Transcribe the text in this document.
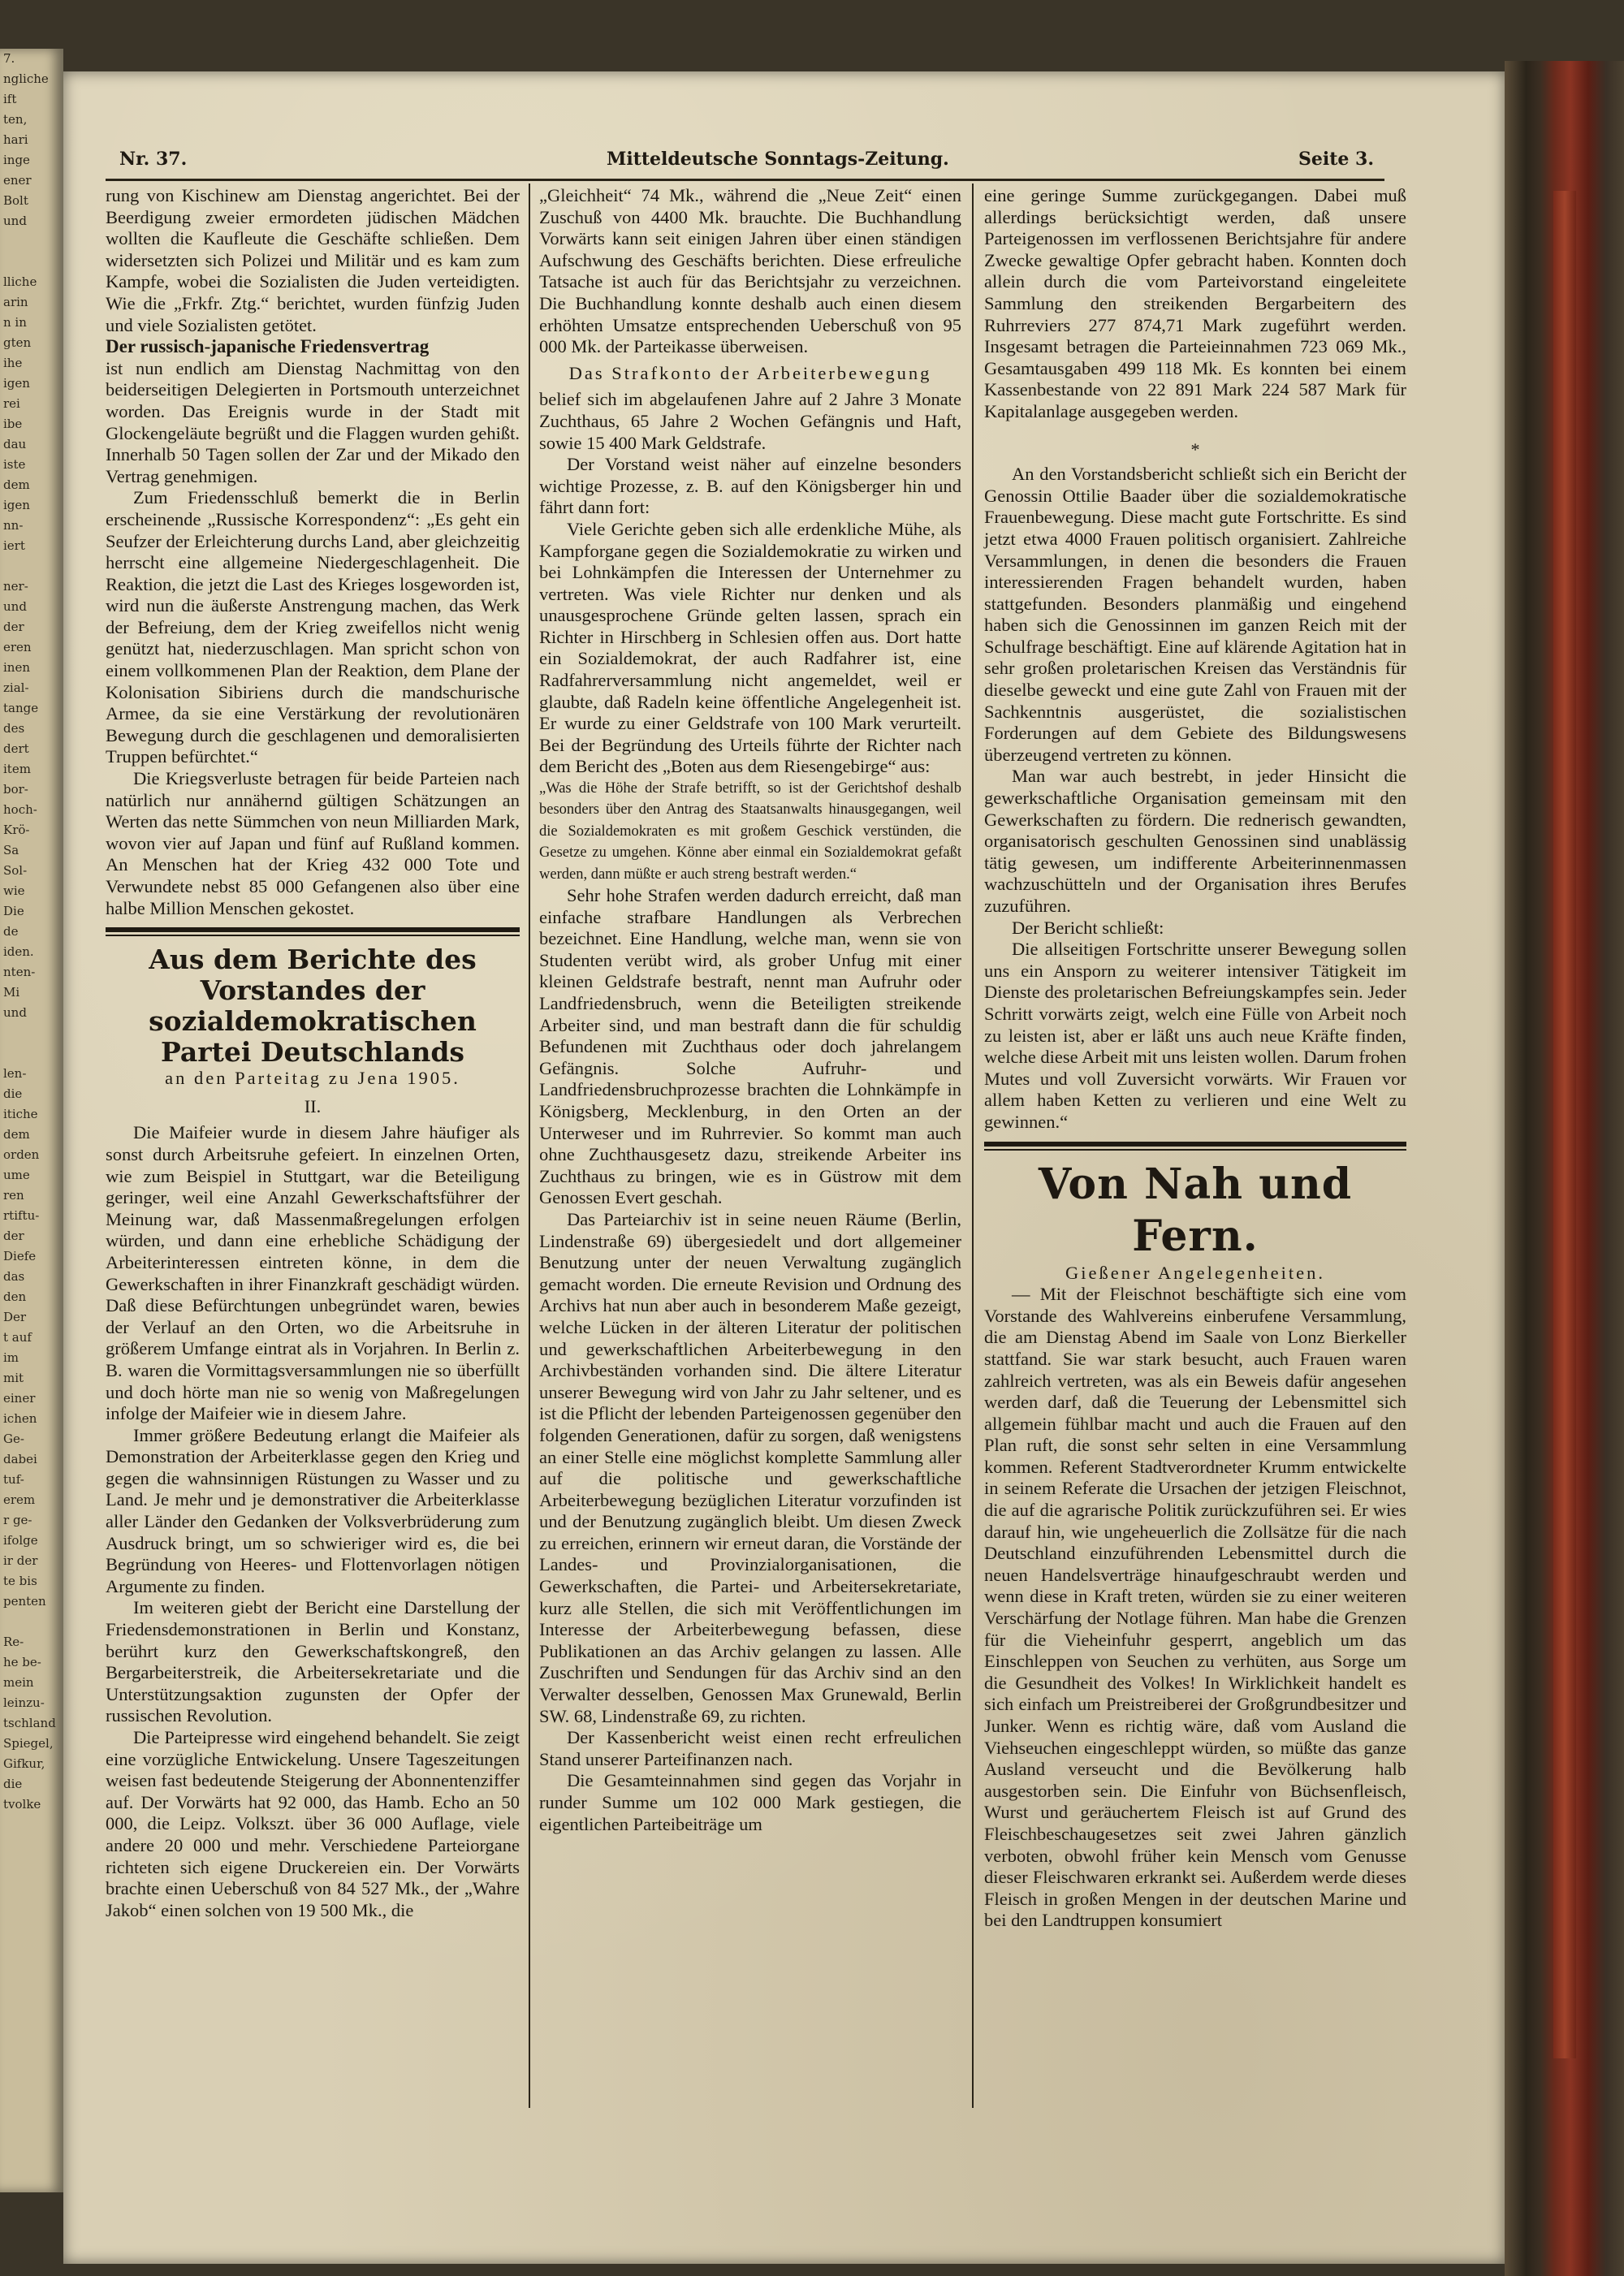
7.
ngliche
ift
ten,
hari
inge
ener
Bolt
und

lliche
arin
n in
gten
ihe
igen
rei
ibe
dau
iste
dem
igen
nn-
iert

ner-
und
der
eren
inen
zial-
tange
des
dert
item
bor-
hoch-
Krö-
Sa
Sol-
wie
Die
de
iden.
nten-
Mi
und

len-
die
itiche
dem
orden
ume
ren
rtiftu-
der
Diefe
das
den
Der
t auf
im
mit
einer
ichen
Ge-
dabei
tuf-
erem
r ge-
ifolge
ir der
te bis
penten

Re-
he be-
mein
leinzu-
tschland
Spiegel,
Gifkur,
die
tvolke
Nr. 37.	Mitteldeutsche Sonntags-Zeitung.	Seite 3.

rung von Kischinew am Dienstag angerichtet. Bei der Beerdigung zweier ermordeten jüdischen Mädchen wollten die Kaufleute die Geschäfte schließen. Dem widersetzten sich Polizei und Militär und es kam zum Kampfe, wobei die Sozialisten die Juden verteidigten. Wie die „Frkfr. Ztg.“ berichtet, wurden fünfzig Juden und viele Sozialisten getötet.

Der russisch-japanische Friedensvertrag

ist nun endlich am Dienstag Nachmittag von den beiderseitigen Delegierten in Portsmouth unterzeichnet worden. Das Ereignis wurde in der Stadt mit Glockengeläute begrüßt und die Flaggen wurden gehißt. Innerhalb 50 Tagen sollen der Zar und der Mikado den Vertrag genehmigen.

Zum Friedensschluß bemerkt die in Berlin erscheinende „Russische Korrespondenz“: „Es geht ein Seufzer der Erleichterung durchs Land, aber gleichzeitig herrscht eine allgemeine Niedergeschlagenheit. Die Reaktion, die jetzt die Last des Krieges losgeworden ist, wird nun die äußerste Anstrengung machen, das Werk der Befreiung, dem der Krieg zweifellos nicht wenig genützt hat, niederzuschlagen. Man spricht schon von einem vollkommenen Plan der Reaktion, dem Plane der Kolonisation Sibiriens durch die mandschurische Armee, da sie eine Verstärkung der revolutionären Bewegung durch die geschlagenen und demoralisierten Truppen befürchtet.“

Die Kriegsverluste betragen für beide Parteien nach natürlich nur annähernd gültigen Schätzungen an Werten das nette Sümmchen von neun Milliarden Mark, wovon vier auf Japan und fünf auf Rußland kommen. An Menschen hat der Krieg 432 000 Tote und Verwundete nebst 85 000 Gefangenen also über eine halbe Million Menschen gekostet.

Aus dem Berichte des Vorstandes der sozialdemokratischen Partei Deutschlands

an den Parteitag zu Jena 1905.

II.

Die Maifeier wurde in diesem Jahre häufiger als sonst durch Arbeitsruhe gefeiert. In einzelnen Orten, wie zum Beispiel in Stuttgart, war die Beteiligung geringer, weil eine Anzahl Gewerkschaftsführer der Meinung war, daß Massenmaßregelungen erfolgen würden, und dann eine erhebliche Schädigung der Arbeiterinteressen eintreten könne, in dem die Gewerkschaften in ihrer Finanzkraft geschädigt würden. Daß diese Befürchtungen unbegründet waren, bewies der Verlauf an den Orten, wo die Arbeitsruhe in größerem Umfange eintrat als in Vorjahren. In Berlin z. B. waren die Vormittagsversammlungen nie so überfüllt und doch hörte man nie so wenig von Maßregelungen infolge der Maifeier wie in diesem Jahre.

Immer größere Bedeutung erlangt die Maifeier als Demonstration der Arbeiterklasse gegen den Krieg und gegen die wahnsinnigen Rüstungen zu Wasser und zu Land. Je mehr und je demonstrativer die Arbeiterklasse aller Länder den Gedanken der Volksverbrüderung zum Ausdruck bringt, um so schwieriger wird es, die bei Begründung von Heeres- und Flottenvorlagen nötigen Argumente zu finden.

Im weiteren giebt der Bericht eine Darstellung der Friedensdemonstrationen in Berlin und Konstanz, berührt kurz den Gewerkschaftskongreß, den Bergarbeiterstreik, die Arbeitersekretariate und die Unterstützungsaktion zugunsten der Opfer der russischen Revolution.

Die Parteipresse wird eingehend behandelt. Sie zeigt eine vorzügliche Entwickelung. Unsere Tageszeitungen weisen fast bedeutende Steigerung der Abonnentenziffer auf. Der Vorwärts hat 92 000, das Hamb. Echo an 50 000, die Leipz. Volkszt. über 36 000 Auflage, viele andere 20 000 und mehr. Verschiedene Parteiorgane richteten sich eigene Druckereien ein. Der Vorwärts brachte einen Ueberschuß von 84 527 Mk., der „Wahre Jakob“ einen solchen von 19 500 Mk., die

„Gleichheit“ 74 Mk., während die „Neue Zeit“ einen Zuschuß von 4400 Mk. brauchte. Die Buchhandlung Vorwärts kann seit einigen Jahren über einen ständigen Aufschwung des Geschäfts berichten. Diese erfreuliche Tatsache ist auch für das Berichtsjahr zu verzeichnen. Die Buchhandlung konnte deshalb auch einen diesem erhöhten Umsatze entsprechenden Ueberschuß von 95 000 Mk. der Parteikasse überweisen.

Das Strafkonto der Arbeiterbewegung

belief sich im abgelaufenen Jahre auf 2 Jahre 3 Monate Zuchthaus, 65 Jahre 2 Wochen Gefängnis und Haft, sowie 15 400 Mark Geldstrafe.

Der Vorstand weist näher auf einzelne besonders wichtige Prozesse, z. B. auf den Königsberger hin und fährt dann fort:

Viele Gerichte geben sich alle erdenkliche Mühe, als Kampforgane gegen die Sozialdemokratie zu wirken und bei Lohnkämpfen die Interessen der Unternehmer zu vertreten. Was viele Richter nur denken und als unausgesprochene Gründe gelten lassen, sprach ein Richter in Hirschberg in Schlesien offen aus. Dort hatte ein Sozialdemokrat, der auch Radfahrer ist, eine Radfahrerversammlung nicht angemeldet, weil er glaubte, daß Radeln keine öffentliche Angelegenheit ist. Er wurde zu einer Geldstrafe von 100 Mark verurteilt. Bei der Begründung des Urteils führte der Richter nach dem Bericht des „Boten aus dem Riesengebirge“ aus:

„Was die Höhe der Strafe betrifft, so ist der Gerichtshof deshalb besonders über den Antrag des Staatsanwalts hinausgegangen, weil die Sozialdemokraten es mit großem Geschick verstünden, die Gesetze zu umgehen. Könne aber einmal ein Sozialdemokrat gefaßt werden, dann müßte er auch streng bestraft werden.“

Sehr hohe Strafen werden dadurch erreicht, daß man einfache strafbare Handlungen als Verbrechen bezeichnet. Eine Handlung, welche man, wenn sie von Studenten verübt wird, als grober Unfug mit einer kleinen Geldstrafe bestraft, nennt man Aufruhr oder Landfriedensbruch, wenn die Beteiligten streikende Arbeiter sind, und man bestraft dann die für schuldig Befundenen mit Zuchthaus oder doch jahrelangem Gefängnis. Solche Aufruhr- und Landfriedensbruchprozesse brachten die Lohnkämpfe in Königsberg, Mecklenburg, in den Orten an der Unterweser und im Ruhrrevier. So kommt man auch ohne Zuchthausgesetz dazu, streikende Arbeiter ins Zuchthaus zu bringen, wie es in Güstrow mit dem Genossen Evert geschah.

Das Parteiarchiv ist in seine neuen Räume (Berlin, Lindenstraße 69) übergesiedelt und dort allgemeiner Benutzung unter der neuen Verwaltung zugänglich gemacht worden. Die erneute Revision und Ordnung des Archivs hat nun aber auch in besonderem Maße gezeigt, welche Lücken in der älteren Literatur der politischen und gewerkschaftlichen Arbeiterbewegung in den Archivbeständen vorhanden sind. Die ältere Literatur unserer Bewegung wird von Jahr zu Jahr seltener, und es ist die Pflicht der lebenden Parteigenossen gegenüber den folgenden Generationen, dafür zu sorgen, daß wenigstens an einer Stelle eine möglichst komplette Sammlung aller auf die politische und gewerkschaftliche Arbeiterbewegung bezüglichen Literatur vorzufinden ist und der Benutzung zugänglich bleibt. Um diesen Zweck zu erreichen, erinnern wir erneut daran, die Vorstände der Landes- und Provinzialorganisationen, die Gewerkschaften, die Partei- und Arbeitersekretariate, kurz alle Stellen, die sich mit Veröffentlichungen im Interesse der Arbeiterbewegung befassen, diese Publikationen an das Archiv gelangen zu lassen. Alle Zuschriften und Sendungen für das Archiv sind an den Verwalter desselben, Genossen Max Grunewald, Berlin SW. 68, Lindenstraße 69, zu richten.

Der Kassenbericht weist einen recht erfreulichen Stand unserer Parteifinanzen nach.

Die Gesamteinnahmen sind gegen das Vorjahr in runder Summe um 102 000 Mark gestiegen, die eigentlichen Parteibeiträge um

eine geringe Summe zurückgegangen. Dabei muß allerdings berücksichtigt werden, daß unsere Parteigenossen im verflossenen Berichtsjahre für andere Zwecke gewaltige Opfer gebracht haben. Konnten doch allein durch die vom Parteivorstand eingeleitete Sammlung den streikenden Bergarbeitern des Ruhrreviers 277 874,71 Mark zugeführt werden. Insgesamt betragen die Parteieinnahmen 723 069 Mk., Gesamtausgaben 499 118 Mk. Es konnten bei einem Kassenbestande von 22 891 Mark 224 587 Mark für Kapitalanlage ausgegeben werden.

*

An den Vorstandsbericht schließt sich ein Bericht der Genossin Ottilie Baader über die sozialdemokratische Frauenbewegung. Diese macht gute Fortschritte. Es sind jetzt etwa 4000 Frauen politisch organisiert. Zahlreiche Versammlungen, in denen die besonders die Frauen interessierenden Fragen behandelt wurden, haben stattgefunden. Besonders planmäßig und eingehend haben sich die Genossinnen im ganzen Reich mit der Schulfrage beschäftigt. Eine auf klärende Agitation hat in sehr großen proletarischen Kreisen das Verständnis für dieselbe geweckt und eine gute Zahl von Frauen mit der Sachkenntnis ausgerüstet, die sozialistischen Forderungen auf dem Gebiete des Bildungswesens überzeugend vertreten zu können.

Man war auch bestrebt, in jeder Hinsicht die gewerkschaftliche Organisation gemeinsam mit den Gewerkschaften zu fördern. Die rednerisch gewandten, organisatorisch geschulten Genossinen sind unablässig tätig gewesen, um indifferente Arbeiterinnenmassen wachzuschütteln und der Organisation ihres Berufes zuzuführen.

Der Bericht schließt:

Die allseitigen Fortschritte unserer Bewegung sollen uns ein Ansporn zu weiterer intensiver Tätigkeit im Dienste des proletarischen Befreiungskampfes sein. Jeder Schritt vorwärts zeigt, welch eine Fülle von Arbeit noch zu leisten ist, aber er läßt uns auch neue Kräfte finden, welche diese Arbeit mit uns leisten wollen. Darum frohen Mutes und voll Zuversicht vorwärts. Wir Frauen vor allem haben Ketten zu verlieren und eine Welt zu gewinnen.“

Von Nah und Fern.

Gießener Angelegenheiten.

— Mit der Fleischnot beschäftigte sich eine vom Vorstande des Wahlvereins einberufene Versammlung, die am Dienstag Abend im Saale von Lonz Bierkeller stattfand. Sie war stark besucht, auch Frauen waren zahlreich vertreten, was als ein Beweis dafür angesehen werden darf, daß die Teuerung der Lebensmittel sich allgemein fühlbar macht und auch die Frauen auf den Plan ruft, die sonst sehr selten in eine Versammlung kommen. Referent Stadtverordneter Krumm entwickelte in seinem Referate die Ursachen der jetzigen Fleischnot, die auf die agrarische Politik zurückzuführen sei. Er wies darauf hin, wie ungeheuerlich die Zollsätze für die nach Deutschland einzuführenden Lebensmittel durch die neuen Handelsverträge hinaufgeschraubt werden und wenn diese in Kraft treten, würden sie zu einer weiteren Verschärfung der Notlage führen. Man habe die Grenzen für die Vieheinfuhr gesperrt, angeblich um das Einschleppen von Seuchen zu verhüten, aus Sorge um die Gesundheit des Volkes! In Wirklichkeit handelt es sich einfach um Preistreiberei der Großgrundbesitzer und Junker. Wenn es richtig wäre, daß vom Ausland die Viehseuchen eingeschleppt würden, so müßte das ganze Ausland verseucht und die Bevölkerung halb ausgestorben sein. Die Einfuhr von Büchsenfleisch, Wurst und geräuchertem Fleisch ist auf Grund des Fleischbeschaugesetzes seit zwei Jahren gänzlich verboten, obwohl früher kein Mensch vom Genusse dieser Fleischwaren erkrankt sei. Außerdem werde dieses Fleisch in großen Mengen in der deutschen Marine und bei den Landtruppen konsumiert
